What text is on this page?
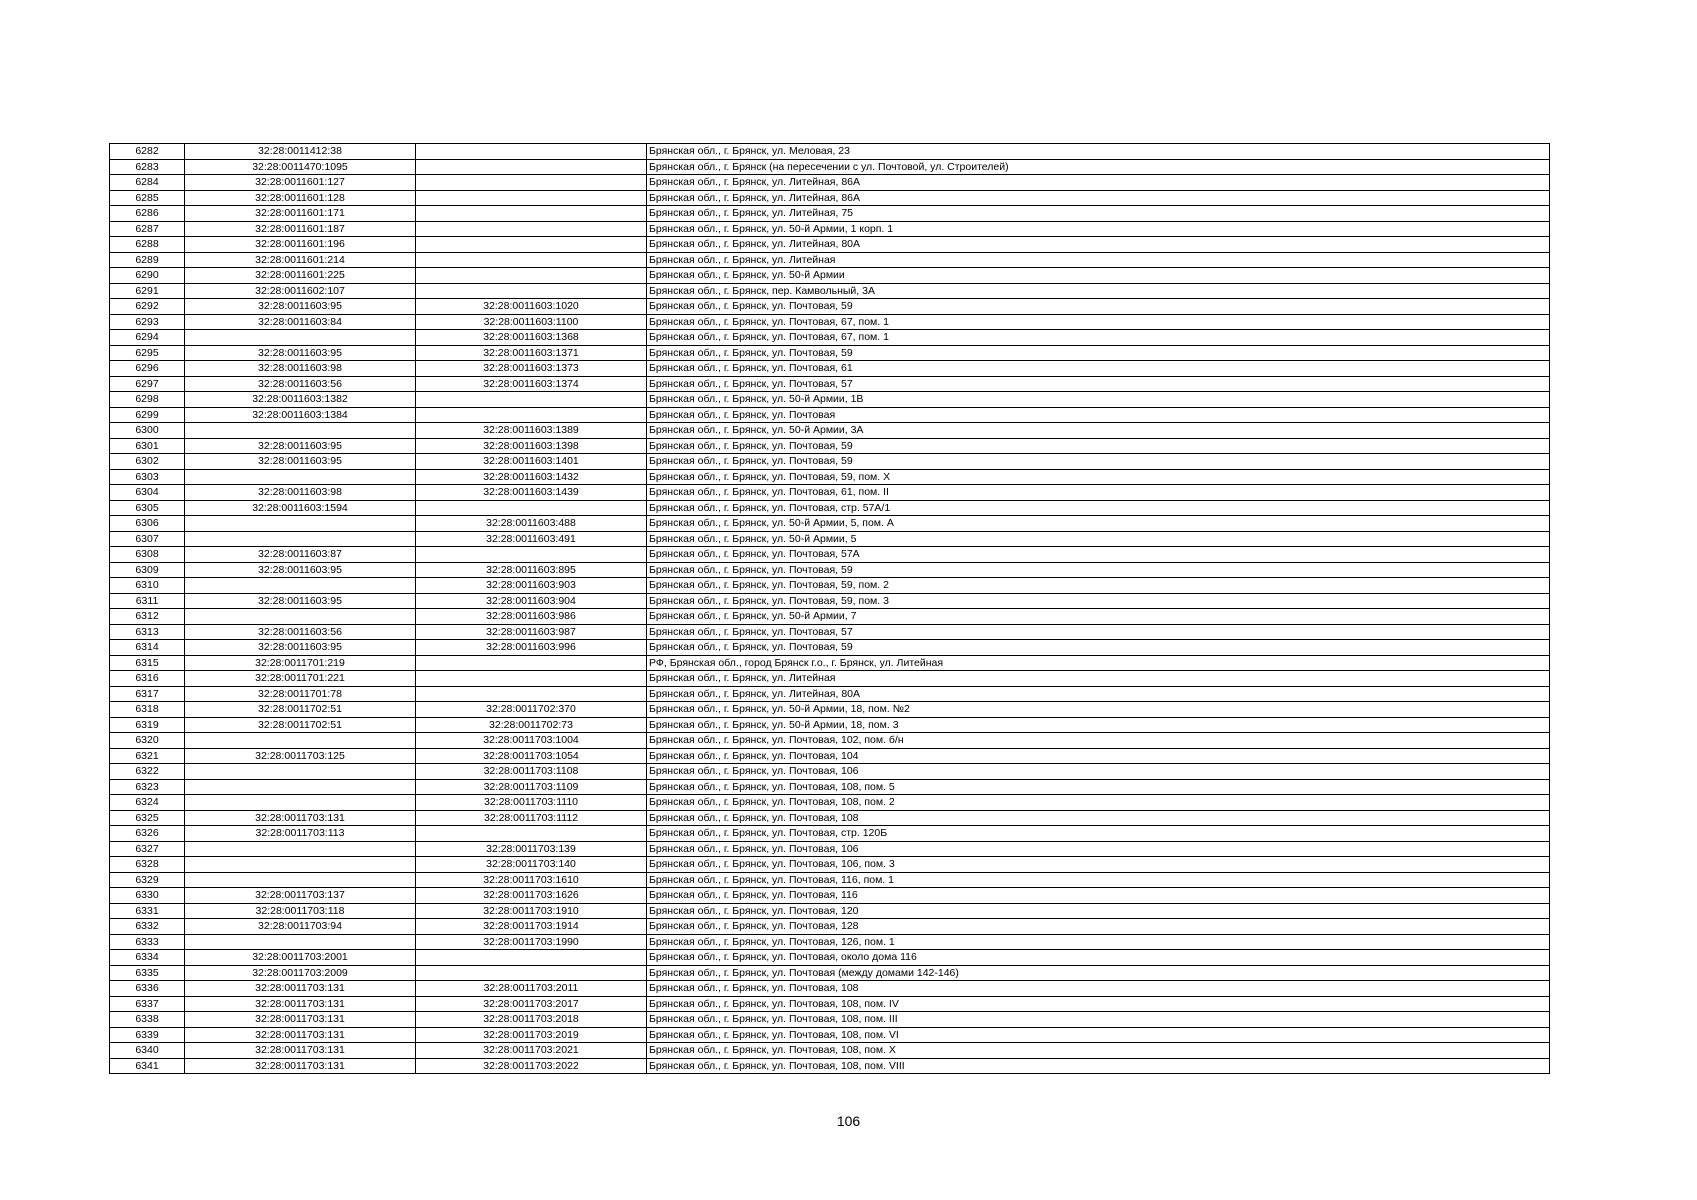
6282	32:28:0011412:38		Брянская обл., г. Брянск, ул. Меловая, 23
6283	32:28:0011470:1095		Брянская обл., г. Брянск (на пересечении с ул. Почтовой, ул. Строителей)
6284	32:28:0011601:127		Брянская обл., г. Брянск, ул. Литейная, 86А
6285	32:28:0011601:128		Брянская обл., г. Брянск, ул. Литейная, 86А
6286	32:28:0011601:171		Брянская обл., г. Брянск, ул. Литейная, 75
6287	32:28:0011601:187		Брянская обл., г. Брянск, ул. 50-й Армии, 1 корп. 1
6288	32:28:0011601:196		Брянская обл., г. Брянск, ул. Литейная, 80А
6289	32:28:0011601:214		Брянская обл., г. Брянск, ул. Литейная
6290	32:28:0011601:225		Брянская обл., г. Брянск, ул. 50-й Армии
6291	32:28:0011602:107		Брянская обл., г. Брянск, пер. Камвольный, 3А
6292	32:28:0011603:95	32:28:0011603:1020	Брянская обл., г. Брянск, ул. Почтовая, 59
6293	32:28:0011603:84	32:28:0011603:1100	Брянская обл., г. Брянск, ул. Почтовая, 67, пом. 1
6294		32:28:0011603:1368	Брянская обл., г. Брянск, ул. Почтовая, 67, пом. 1
6295	32:28:0011603:95	32:28:0011603:1371	Брянская обл., г. Брянск, ул. Почтовая, 59
6296	32:28:0011603:98	32:28:0011603:1373	Брянская обл., г. Брянск, ул. Почтовая, 61
6297	32:28:0011603:56	32:28:0011603:1374	Брянская обл., г. Брянск, ул. Почтовая, 57
6298	32:28:0011603:1382		Брянская обл., г. Брянск, ул. 50-й Армии, 1В
6299	32:28:0011603:1384		Брянская обл., г. Брянск, ул. Почтовая
6300		32:28:0011603:1389	Брянская обл., г. Брянск, ул. 50-й Армии, 3А
6301	32:28:0011603:95	32:28:0011603:1398	Брянская обл., г. Брянск, ул. Почтовая, 59
6302	32:28:0011603:95	32:28:0011603:1401	Брянская обл., г. Брянск, ул. Почтовая, 59
6303		32:28:0011603:1432	Брянская обл., г. Брянск, ул. Почтовая, 59, пом. Х
6304	32:28:0011603:98	32:28:0011603:1439	Брянская обл., г. Брянск, ул. Почтовая, 61, пом. II
6305	32:28:0011603:1594		Брянская обл., г. Брянск, ул. Почтовая, стр. 57А/1
6306		32:28:0011603:488	Брянская обл., г. Брянск, ул. 50-й Армии, 5, пом. А
6307		32:28:0011603:491	Брянская обл., г. Брянск, ул. 50-й Армии, 5
6308	32:28:0011603:87		Брянская обл., г. Брянск, ул. Почтовая, 57А
6309	32:28:0011603:95	32:28:0011603:895	Брянская обл., г. Брянск, ул. Почтовая, 59
6310		32:28:0011603:903	Брянская обл., г. Брянск, ул. Почтовая, 59, пом. 2
6311	32:28:0011603:95	32:28:0011603:904	Брянская обл., г. Брянск, ул. Почтовая, 59, пом. 3
6312		32:28:0011603:986	Брянская обл., г. Брянск, ул. 50-й Армии, 7
6313	32:28:0011603:56	32:28:0011603:987	Брянская обл., г. Брянск, ул. Почтовая, 57
6314	32:28:0011603:95	32:28:0011603:996	Брянская обл., г. Брянск, ул. Почтовая, 59
6315	32:28:0011701:219		РФ, Брянская обл., город Брянск г.о., г. Брянск, ул. Литейная
6316	32:28:0011701:221		Брянская обл., г. Брянск, ул. Литейная
6317	32:28:0011701:78		Брянская обл., г. Брянск, ул. Литейная, 80А
6318	32:28:0011702:51	32:28:0011702:370	Брянская обл., г. Брянск, ул. 50-й Армии, 18, пом. №2
6319	32:28:0011702:51	32:28:0011702:73	Брянская обл., г. Брянск, ул. 50-й Армии, 18, пом. 3
6320		32:28:0011703:1004	Брянская обл., г. Брянск, ул. Почтовая, 102, пом. б/н
6321	32:28:0011703:125	32:28:0011703:1054	Брянская обл., г. Брянск, ул. Почтовая, 104
6322		32:28:0011703:1108	Брянская обл., г. Брянск, ул. Почтовая, 106
6323		32:28:0011703:1109	Брянская обл., г. Брянск, ул. Почтовая, 108, пом. 5
6324		32:28:0011703:1110	Брянская обл., г. Брянск, ул. Почтовая, 108, пом. 2
6325	32:28:0011703:131	32:28:0011703:1112	Брянская обл., г. Брянск, ул. Почтовая, 108
6326	32:28:0011703:113		Брянская обл., г. Брянск, ул. Почтовая, стр. 120Б
6327		32:28:0011703:139	Брянская обл., г. Брянск, ул. Почтовая, 106
6328		32:28:0011703:140	Брянская обл., г. Брянск, ул. Почтовая, 106, пом. 3
6329		32:28:0011703:1610	Брянская обл., г. Брянск, ул. Почтовая, 116, пом. 1
6330	32:28:0011703:137	32:28:0011703:1626	Брянская обл., г. Брянск, ул. Почтовая, 116
6331	32:28:0011703:118	32:28:0011703:1910	Брянская обл., г. Брянск, ул. Почтовая, 120
6332	32:28:0011703:94	32:28:0011703:1914	Брянская обл., г. Брянск, ул. Почтовая, 128
6333		32:28:0011703:1990	Брянская обл., г. Брянск, ул. Почтовая, 126, пом. 1
6334	32:28:0011703:2001		Брянская обл., г. Брянск, ул. Почтовая, около дома 116
6335	32:28:0011703:2009		Брянская обл., г. Брянск, ул. Почтовая (между домами 142-146)
6336	32:28:0011703:131	32:28:0011703:2011	Брянская обл., г. Брянск, ул. Почтовая, 108
6337	32:28:0011703:131	32:28:0011703:2017	Брянская обл., г. Брянск, ул. Почтовая, 108, пом. IV
6338	32:28:0011703:131	32:28:0011703:2018	Брянская обл., г. Брянск, ул. Почтовая, 108, пом. III
6339	32:28:0011703:131	32:28:0011703:2019	Брянская обл., г. Брянск, ул. Почтовая, 108, пом. VI
6340	32:28:0011703:131	32:28:0011703:2021	Брянская обл., г. Брянск, ул. Почтовая, 108, пом. Х
6341	32:28:0011703:131	32:28:0011703:2022	Брянская обл., г. Брянск, ул. Почтовая, 108, пом. VIII
106
